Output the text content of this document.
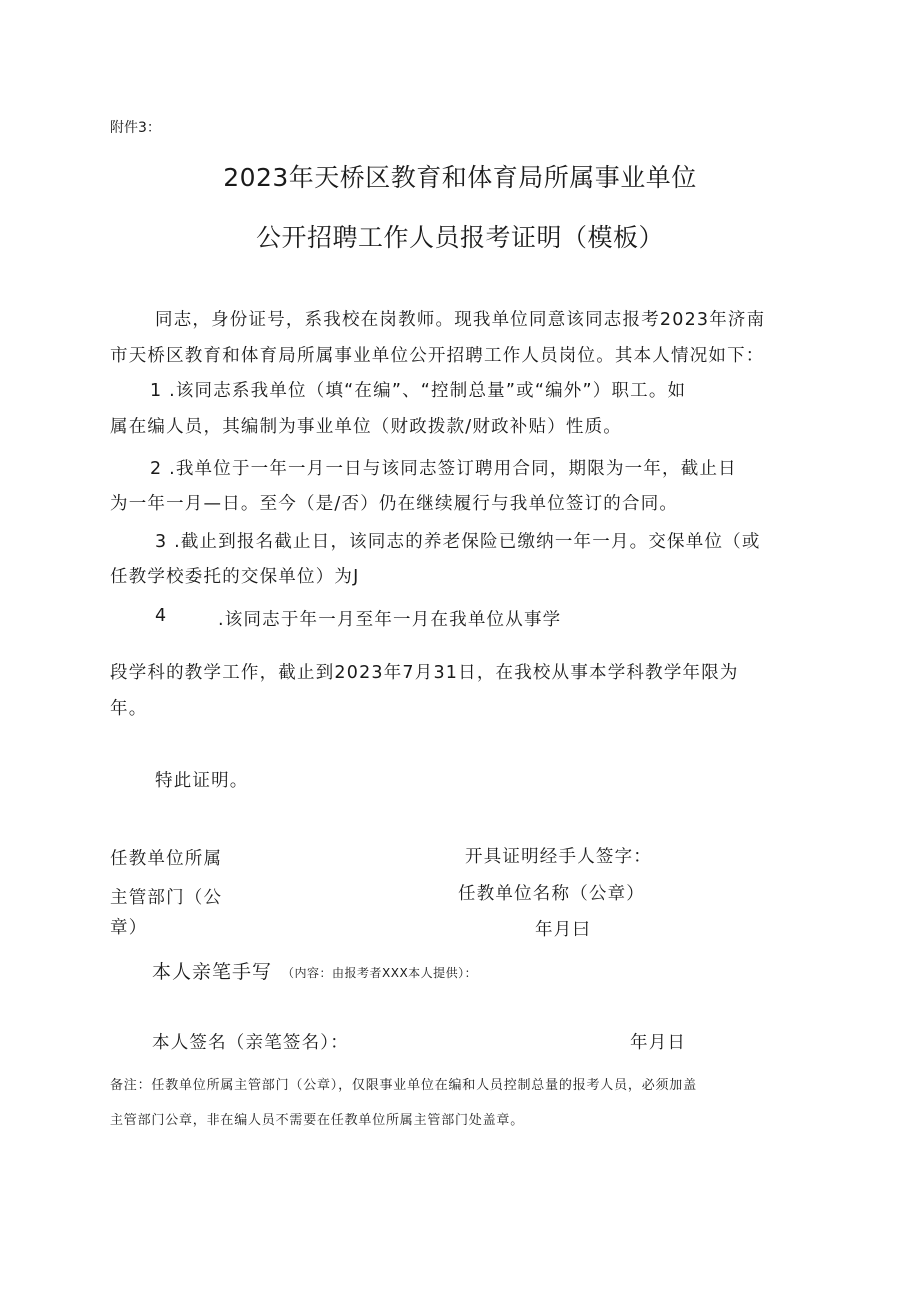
附件3：
2023年天桥区教育和体育局所属事业单位
公开招聘工作人员报考证明（模板）
同志，身份证号，系我校在岗教师。现我单位同意该同志报考2023年济南
市天桥区教育和体育局所属事业单位公开招聘工作人员岗位。其本人情况如下：
1 .该同志系我单位（填“在编”、“控制总量”或“编外”）职工。如
属在编人员，其编制为事业单位（财政拨款/财政补贴）性质。
2 .我单位于一年一月一日与该同志签订聘用合同，期限为一年，截止日
为一年一月—日。至今（是/否）仍在继续履行与我单位签订的合同。
3 .截止到报名截止日，该同志的养老保险已缴纳一年一月。交保单位（或
任教学校委托的交保单位）为J
4	.该同志于年一月至年一月在我单位从事学
段学科的教学工作，截止到2023年7月31日，在我校从事本学科教学年限为
年。
特此证明。
任教单位所属
主管部门（公
章）
开具证明经手人签字：
任教单位名称（公章）
年月曰
本人亲笔手写 （内容：由报考者XXX本人提供）：
本人签名（亲笔签名）：	年月日
备注：任教单位所属主管部门（公章），仅限事业单位在编和人员控制总量的报考人员，必须加盖
主管部门公章，非在编人员不需要在任教单位所属主管部门处盖章。
